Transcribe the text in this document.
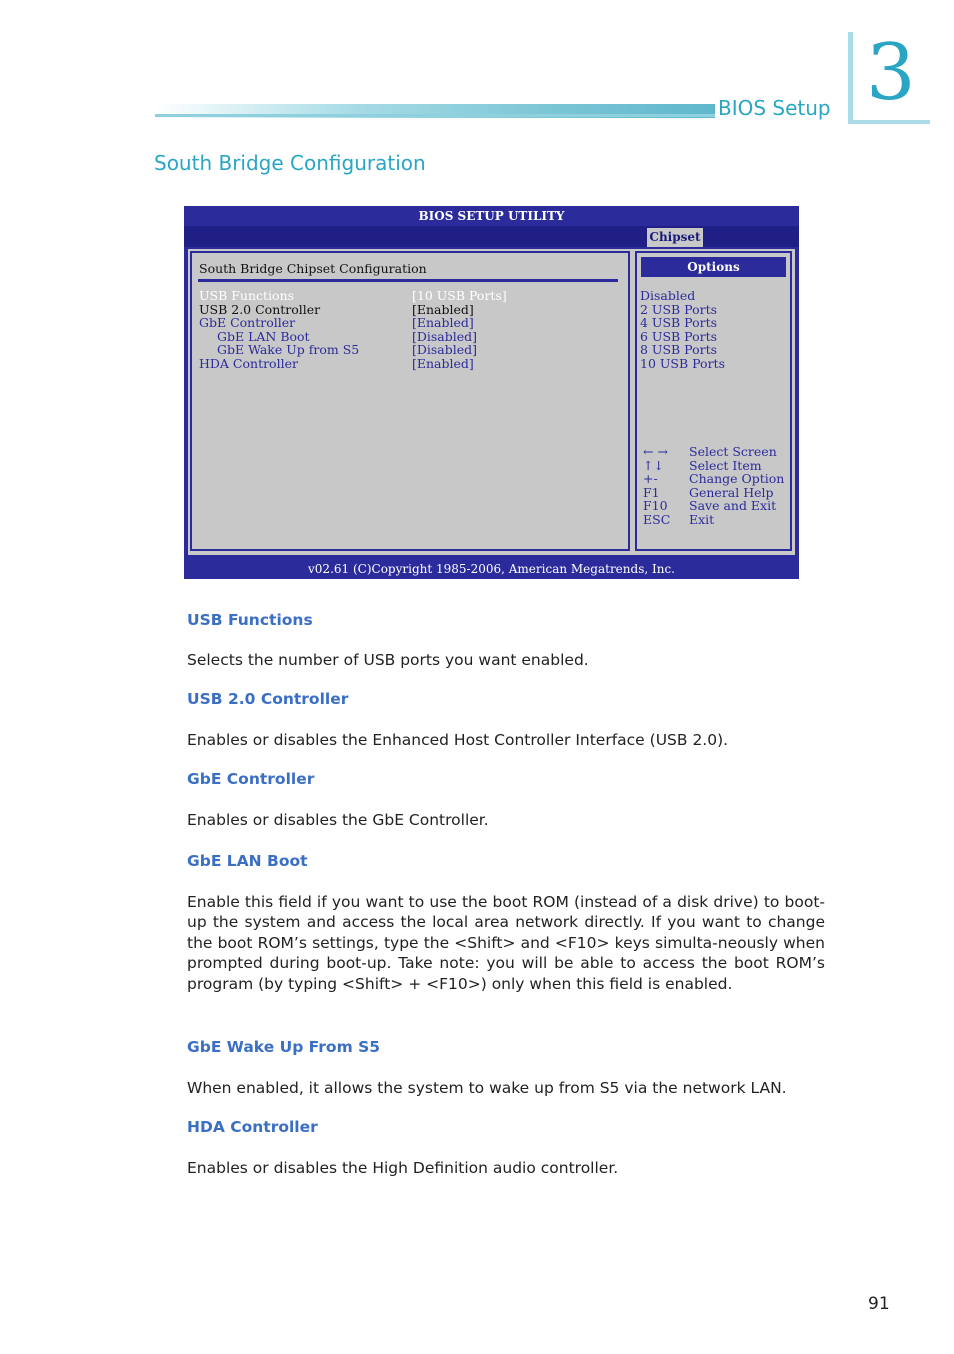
BIOS Setup 3
South Bridge Configuration
BIOS SETUP UTILITY
Chipset
South Bridge Chipset Configuration
USB Functions	[10 USB Ports]
USB 2.0 Controller	[Enabled]
GbE Controller	[Enabled]
GbE LAN Boot	[Disabled]
GbE Wake Up from S5	[Disabled]
HDA Controller	[Enabled]
Options
Disabled
2 USB Ports
4 USB Ports
6 USB Ports
8 USB Ports
10 USB Ports
← → Select Screen
↑↓ Select Item
+-	Change Option
F1 General Help
F10 Save and Exit
ESC Exit
v02.61 (C)Copyright 1985-2006, American Megatrends, Inc.
USB Functions
Selects the number of USB ports you want enabled.
USB 2.0 Controller
Enables or disables the Enhanced Host Controller Interface (USB 2.0).
GbE Controller
Enables or disables the GbE Controller.
GbE LAN Boot
Enable this field if you want to use the boot ROM (instead of a disk drive) to boot-up the system and access the local area network directly. If you want to change the boot ROM’s settings, type the <Shift> and <F10> keys simulta-neously when prompted during boot-up. Take note: you will be able to access the boot ROM’s program (by typing <Shift> + <F10>) only when this field is enabled.
GbE Wake Up From S5
When enabled, it allows the system to wake up from S5 via the network LAN.
HDA Controller
Enables or disables the High Definition audio controller.
91
